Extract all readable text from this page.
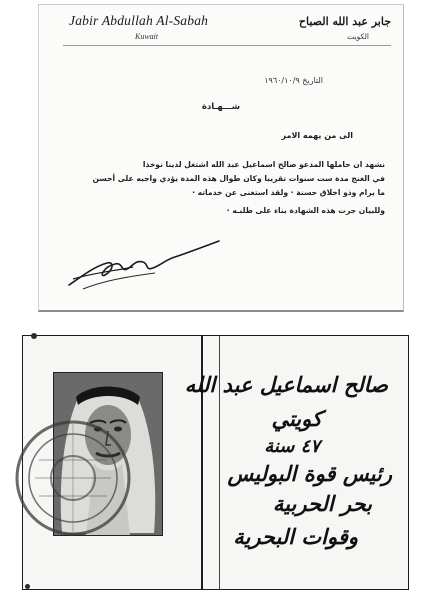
Jabir Abdullah Al-Sabah
Kuwait
جابر عبد الله الصباح
الكويت
التاريخ ١٩٦٠/١٠/٩
شـــهـادة
الى من يهمه الامر
نشهد ان حاملها المدعو صالح اسماعيل عبد الله اشتغل لدينا نوخذا
في الغنج مدة ست سنوات تقريبا وكان طوال هذه المدة يؤدي واجبه على أحسن
ما يرام وذو اخلاق حسنة · ولقد استغنى عن خدماته ·
وللبيان جرت هذه الشهادة بناء على طلبـه ·
صالح اسماعيل عبد الله
كويتي
٤٧ سنة
رئيس قوة البوليس
بحر الحربية
وقوات البحرية
